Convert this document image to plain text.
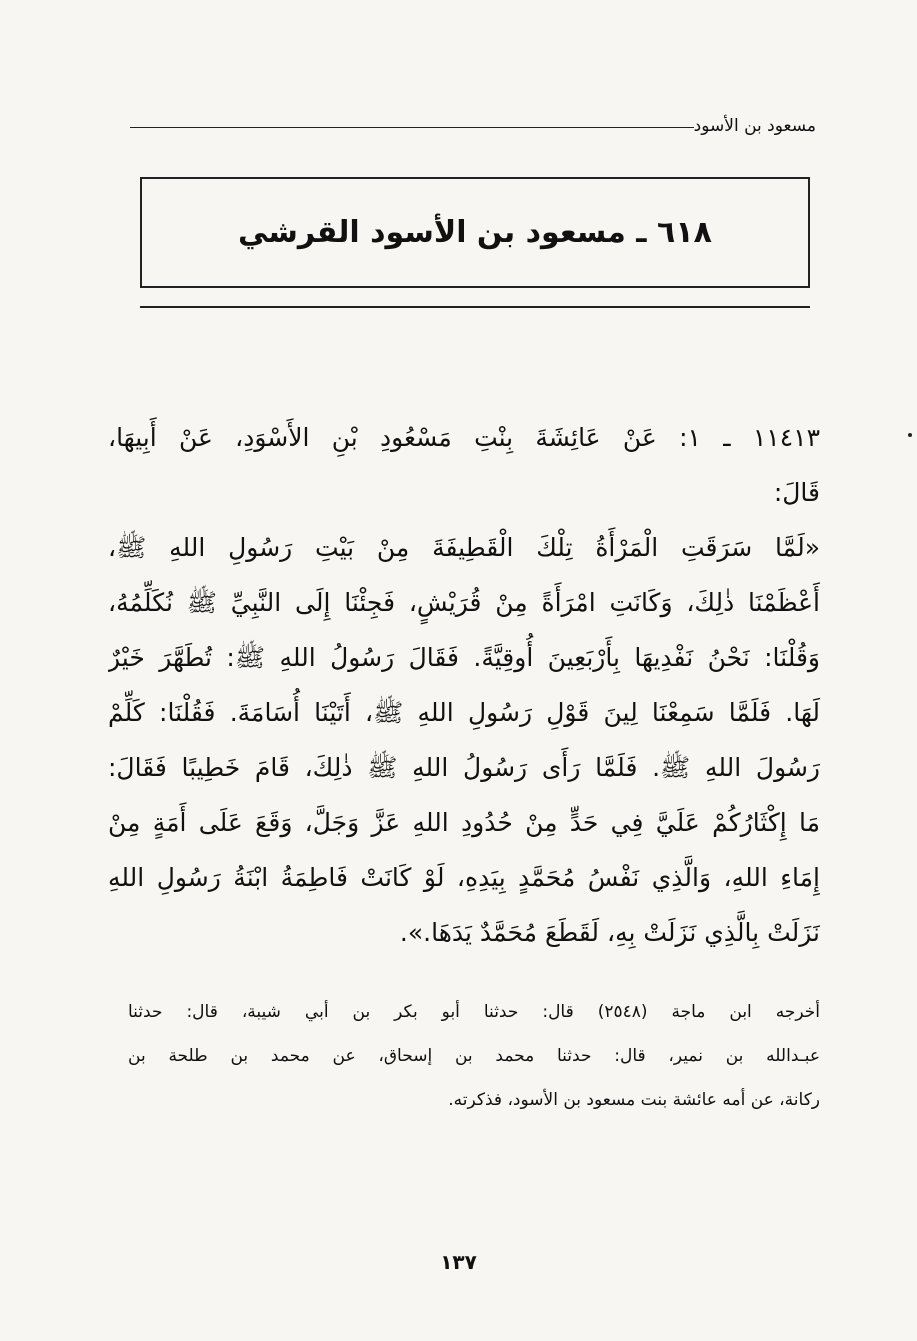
مسعود بن الأسود
٦١٨ ـ مسعود بن الأسود القرشي
١١٤١٣ ـ ١: عَنْ عَائِشَةَ بِنْتِ مَسْعُودِ بْنِ الأَسْوَدِ، عَنْ أَبِيهَا،
قَالَ:
«لَمَّا سَرَقَتِ الْمَرْأَةُ تِلْكَ الْقَطِيفَةَ مِنْ بَيْتِ رَسُولِ اللهِ ﷺ،
أَعْظَمْنَا ذٰلِكَ، وَكَانَتِ امْرَأَةً مِنْ قُرَيْشٍ، فَجِئْنَا إِلَى النَّبِيِّ ﷺ نُكَلِّمُهُ،
وَقُلْنَا: نَحْنُ نَفْدِيهَا بِأَرْبَعِينَ أُوقِيَّةً. فَقَالَ رَسُولُ اللهِ ﷺ: تُطَهَّرَ خَيْرٌ
لَهَا. فَلَمَّا سَمِعْنَا لِينَ قَوْلِ رَسُولِ اللهِ ﷺ، أَتَيْنَا أُسَامَةَ. فَقُلْنَا: كَلِّمْ
رَسُولَ اللهِ ﷺ. فَلَمَّا رَأَى رَسُولُ اللهِ ﷺ ذٰلِكَ، قَامَ خَطِيبًا فَقَالَ:
مَا إِكْثَارُكُمْ عَلَيَّ فِي حَدٍّ مِنْ حُدُودِ اللهِ عَزَّ وَجَلَّ، وَقَعَ عَلَى أَمَةٍ مِنْ
إِمَاءِ اللهِ، وَالَّذِي نَفْسُ مُحَمَّدٍ بِيَدِهِ، لَوْ كَانَتْ فَاطِمَةُ ابْنَةُ رَسُولِ اللهِ
نَزَلَتْ بِالَّذِي نَزَلَتْ بِهِ، لَقَطَعَ مُحَمَّدٌ يَدَهَا.».
أخرجه ابن ماجة (٢٥٤٨) قال: حدثنا أبو بكر بن أبي شيبة، قال: حدثنا
عبـدالله بن نمير، قال: حدثنا محمد بن إسحاق، عن محمد بن طلحة بن
ركانة، عن أمه عائشة بنت مسعود بن الأسود، فذكرته.
١٣٧
